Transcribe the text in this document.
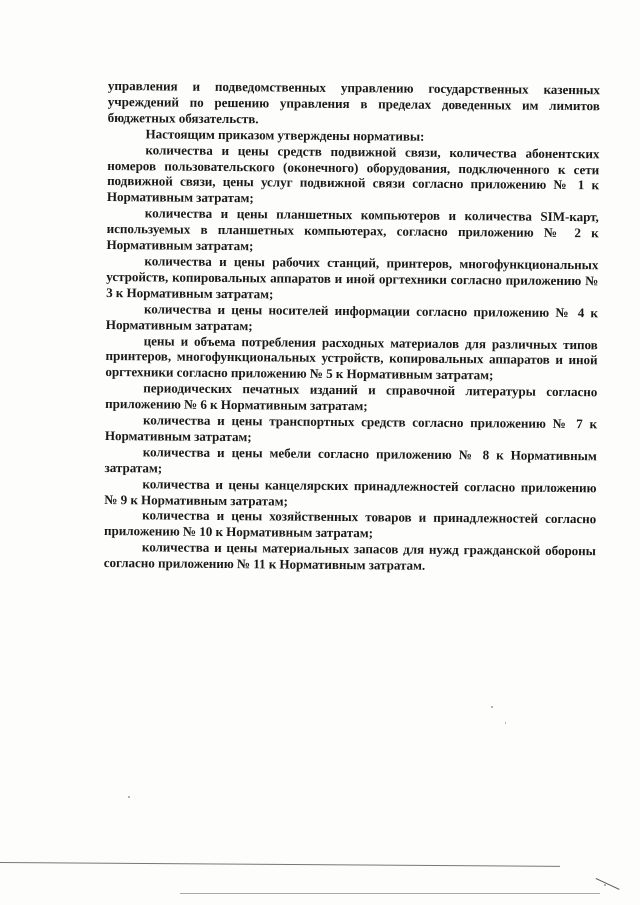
управления и подведомственных управлению государственных казенных учреждений по решению управления в пределах доведенных им лимитов бюджетных обязательств.

Настоящим приказом утверждены нормативы:

количества и цены средств подвижной связи, количества абонентских номеров пользовательского (оконечного) оборудования, подключенного к сети подвижной связи, цены услуг подвижной связи согласно приложению № 1 к Нормативным затратам;

количества и цены планшетных компьютеров и количества SIM-карт, используемых в планшетных компьютерах, согласно приложению № 2 к Нормативным затратам;

количества и цены рабочих станций, принтеров, многофункциональных устройств, копировальных аппаратов и иной оргтехники согласно приложению № 3 к Нормативным затратам;

количества и цены носителей информации согласно приложению № 4 к Нормативным затратам;

цены и объема потребления расходных материалов для различных типов принтеров, многофункциональных устройств, копировальных аппаратов и иной оргтехники согласно приложению № 5 к Нормативным затратам;

периодических печатных изданий и справочной литературы согласно приложению № 6 к Нормативным затратам;

количества и цены транспортных средств согласно приложению № 7 к Нормативным затратам;

количества и цены мебели согласно приложению № 8 к Нормативным затратам;

количества и цены канцелярских принадлежностей согласно приложению № 9 к Нормативным затратам;

количества и цены хозяйственных товаров и принадлежностей согласно приложению № 10 к Нормативным затратам;

количества и цены материальных запасов для нужд гражданской обороны согласно приложению № 11 к Нормативным затратам.
